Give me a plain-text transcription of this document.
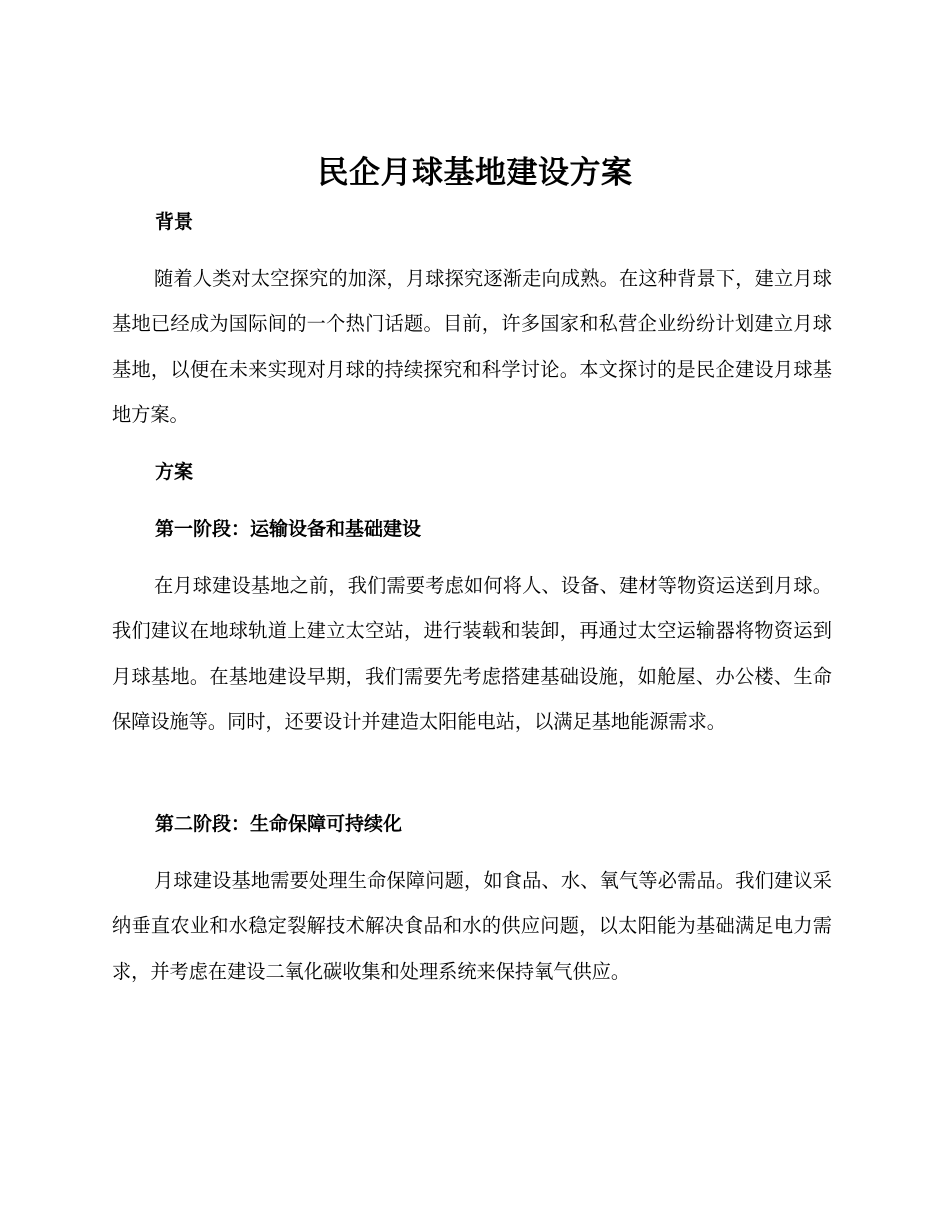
民企月球基地建设方案
背景

随着人类对太空探究的加深，月球探究逐渐走向成熟。在这种背景下，建立月球基地已经成为国际间的一个热门话题。目前，许多国家和私营企业纷纷计划建立月球基地，以便在未来实现对月球的持续探究和科学讨论。本文探讨的是民企建设月球基地方案。

方案
第一阶段：运输设备和基础建设

在月球建设基地之前，我们需要考虑如何将人、设备、建材等物资运送到月球。我们建议在地球轨道上建立太空站，进行装载和装卸，再通过太空运输器将物资运到月球基地。在基地建设早期，我们需要先考虑搭建基础设施，如舱屋、办公楼、生命保障设施等。同时，还要设计并建造太阳能电站，以满足基地能源需求。

第二阶段：生命保障可持续化

月球建设基地需要处理生命保障问题，如食品、水、氧气等必需品。我们建议采纳垂直农业和水稳定裂解技术解决食品和水的供应问题，以太阳能为基础满足电力需求，并考虑在建设二氧化碳收集和处理系统来保持氧气供应。
